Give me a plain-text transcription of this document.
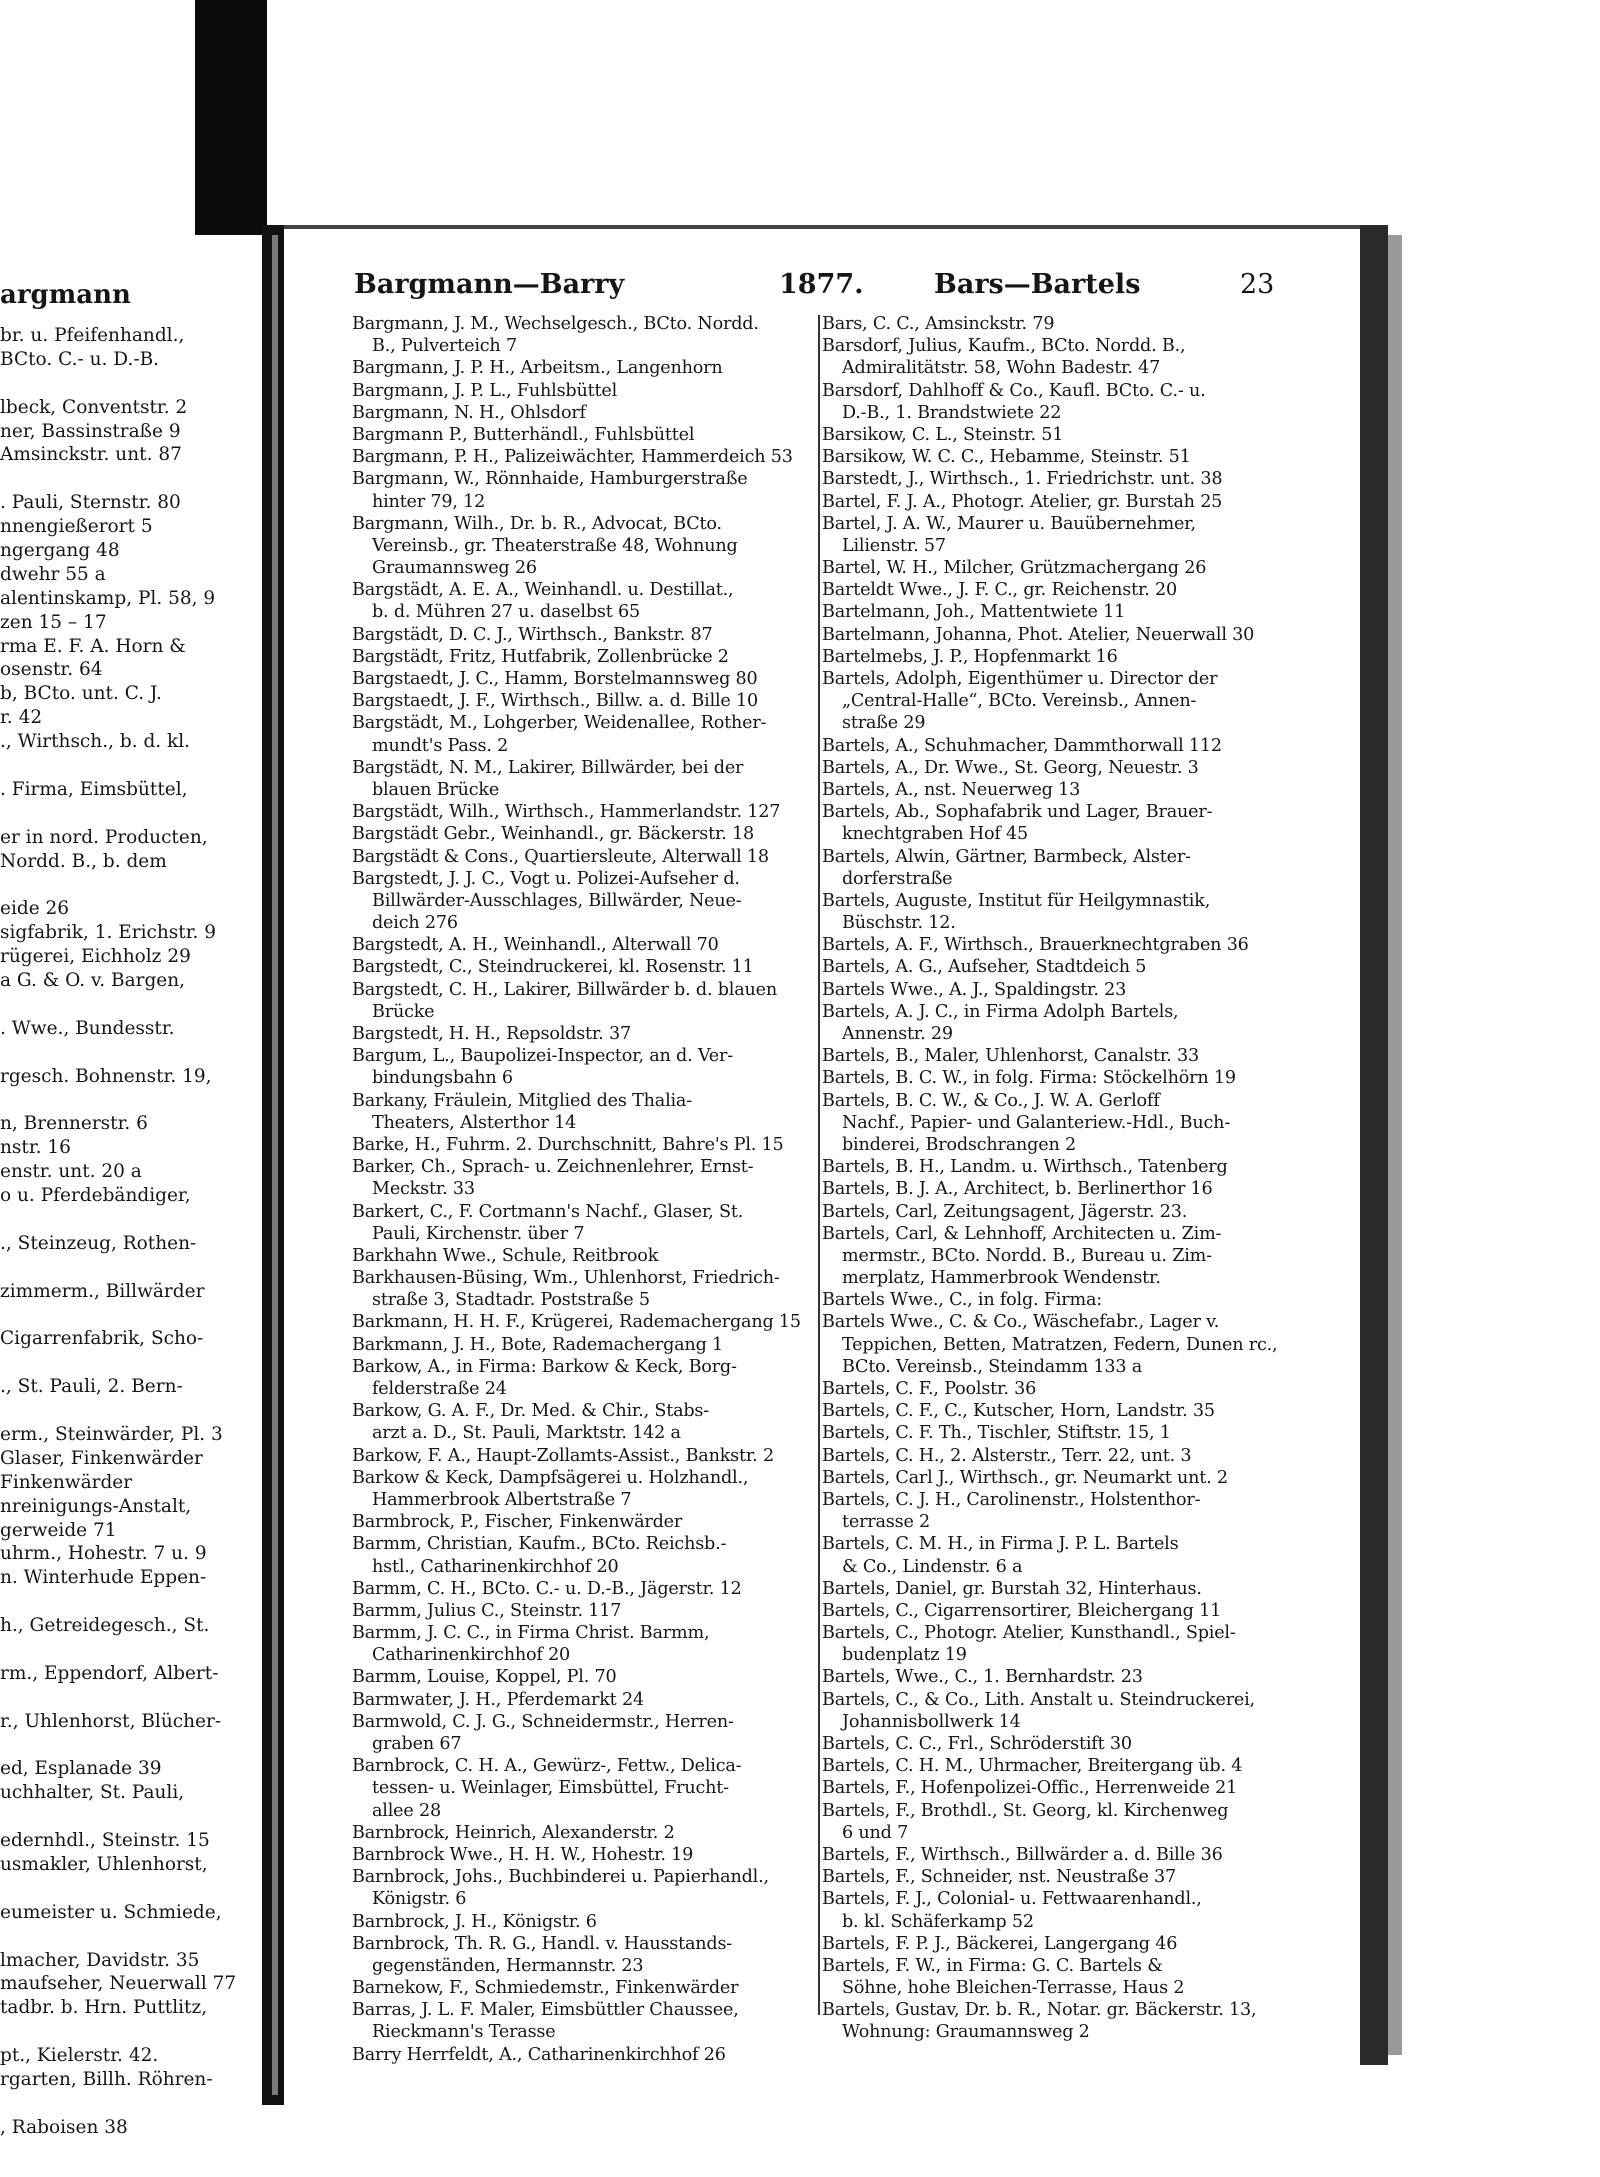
argmann
br. u. Pfeifenhandl.,
BCto. C.- u. D.-B.
lbeck, Conventstr. 2
ner, Bassinstraße 9
Amsinckstr. unt. 87
. Pauli, Sternstr. 80
nnengießerort 5
ngergang 48
dwehr 55 a
alentinskamp, Pl. 58, 9
zen 15 – 17
rma E. F. A. Horn &
osenstr. 64
b, BCto. unt. C. J.
r. 42
., Wirthsch., b. d. kl.
. Firma, Eimsbüttel,
er in nord. Producten,
Nordd. B., b. dem
eide 26
sigfabrik, 1. Erichstr. 9
rügerei, Eichholz 29
a G. & O. v. Bargen,
. Wwe., Bundesstr.
rgesch. Bohnenstr. 19,
n, Brennerstr. 6
nstr. 16
enstr. unt. 20 a
o u. Pferdebändiger,
., Steinzeug, Rothen-
zimmerm., Billwärder
Cigarrenfabrik, Scho-
., St. Pauli, 2. Bern-
erm., Steinwärder, Pl. 3
Glaser, Finkenwärder
Finkenwärder
nreinigungs-Anstalt,
gerweide 71
uhrm., Hohestr. 7 u. 9
n. Winterhude Eppen-
h., Getreidegesch., St.
rm., Eppendorf, Albert-
r., Uhlenhorst, Blücher-
ed, Esplanade 39
uchhalter, St. Pauli,
edernhdl., Steinstr. 15
usmakler, Uhlenhorst,
eumeister u. Schmiede,
lmacher, Davidstr. 35
maufseher, Neuerwall 77
tadbr. b. Hrn. Puttlitz,
pt., Kielerstr. 42.
rgarten, Billh. Röhren-
, Raboisen 38
Bargmann—Barry	1877.	Bars—Bartels	23
Bargmann, J. M., Wechselgesch., BCto. Nordd.
B., Pulverteich 7
Bargmann, J. P. H., Arbeitsm., Langenhorn
Bargmann, J. P. L., Fuhlsbüttel
Bargmann, N. H., Ohlsdorf
Bargmann P., Butterhändl., Fuhlsbüttel
Bargmann, P. H., Palizeiwächter, Hammerdeich 53
Bargmann, W., Rönnhaide, Hamburgerstraße
hinter 79, 12
Bargmann, Wilh., Dr. b. R., Advocat, BCto.
Vereinsb., gr. Theaterstraße 48, Wohnung
Graumannsweg 26
Bargstädt, A. E. A., Weinhandl. u. Destillat.,
b. d. Mühren 27 u. daselbst 65
Bargstädt, D. C. J., Wirthsch., Bankstr. 87
Bargstädt, Fritz, Hutfabrik, Zollenbrücke 2
Bargstaedt, J. C., Hamm, Borstelmannsweg 80
Bargstaedt, J. F., Wirthsch., Billw. a. d. Bille 10
Bargstädt, M., Lohgerber, Weidenallee, Rother-
mundt's Pass. 2
Bargstädt, N. M., Lakirer, Billwärder, bei der
blauen Brücke
Bargstädt, Wilh., Wirthsch., Hammerlandstr. 127
Bargstädt Gebr., Weinhandl., gr. Bäckerstr. 18
Bargstädt & Cons., Quartiersleute, Alterwall 18
Bargstedt, J. J. C., Vogt u. Polizei-Aufseher d.
Billwärder-Ausschlages, Billwärder, Neue-
deich 276
Bargstedt, A. H., Weinhandl., Alterwall 70
Bargstedt, C., Steindruckerei, kl. Rosenstr. 11
Bargstedt, C. H., Lakirer, Billwärder b. d. blauen
Brücke
Bargstedt, H. H., Repsoldstr. 37
Bargum, L., Baupolizei-Inspector, an d. Ver-
bindungsbahn 6
Barkany, Fräulein, Mitglied des Thalia-
Theaters, Alsterthor 14
Barke, H., Fuhrm. 2. Durchschnitt, Bahre's Pl. 15
Barker, Ch., Sprach- u. Zeichnenlehrer, Ernst-
Meckstr. 33
Barkert, C., F. Cortmann's Nachf., Glaser, St.
Pauli, Kirchenstr. über 7
Barkhahn Wwe., Schule, Reitbrook
Barkhausen-Büsing, Wm., Uhlenhorst, Friedrich-
straße 3, Stadtadr. Poststraße 5
Barkmann, H. H. F., Krügerei, Rademachergang 15
Barkmann, J. H., Bote, Rademachergang 1
Barkow, A., in Firma: Barkow & Keck, Borg-
felderstraße 24
Barkow, G. A. F., Dr. Med. & Chir., Stabs-
arzt a. D., St. Pauli, Marktstr. 142 a
Barkow, F. A., Haupt-Zollamts-Assist., Bankstr. 2
Barkow & Keck, Dampfsägerei u. Holzhandl.,
Hammerbrook Albertstraße 7
Barmbrock, P., Fischer, Finkenwärder
Barmm, Christian, Kaufm., BCto. Reichsb.-
hstl., Catharinenkirchhof 20
Barmm, C. H., BCto. C.- u. D.-B., Jägerstr. 12
Barmm, Julius C., Steinstr. 117
Barmm, J. C. C., in Firma Christ. Barmm,
Catharinenkirchhof 20
Barmm, Louise, Koppel, Pl. 70
Barmwater, J. H., Pferdemarkt 24
Barmwold, C. J. G., Schneidermstr., Herren-
graben 67
Barnbrock, C. H. A., Gewürz-, Fettw., Delica-
tessen- u. Weinlager, Eimsbüttel, Frucht-
allee 28
Barnbrock, Heinrich, Alexanderstr. 2
Barnbrock Wwe., H. H. W., Hohestr. 19
Barnbrock, Johs., Buchbinderei u. Papierhandl.,
Königstr. 6
Barnbrock, J. H., Königstr. 6
Barnbrock, Th. R. G., Handl. v. Hausstands-
gegenständen, Hermannstr. 23
Barnekow, F., Schmiedemstr., Finkenwärder
Barras, J. L. F. Maler, Eimsbüttler Chaussee,
Rieckmann's Terasse
Barry Herrfeldt, A., Catharinenkirchhof 26
Bars, C. C., Amsinckstr. 79
Barsdorf, Julius, Kaufm., BCto. Nordd. B.,
Admiralitätstr. 58, Wohn Badestr. 47
Barsdorf, Dahlhoff & Co., Kaufl. BCto. C.- u.
D.-B., 1. Brandstwiete 22
Barsikow, C. L., Steinstr. 51
Barsikow, W. C. C., Hebamme, Steinstr. 51
Barstedt, J., Wirthsch., 1. Friedrichstr. unt. 38
Bartel, F. J. A., Photogr. Atelier, gr. Burstah 25
Bartel, J. A. W., Maurer u. Bauübernehmer,
Lilienstr. 57
Bartel, W. H., Milcher, Grützmachergang 26
Barteldt Wwe., J. F. C., gr. Reichenstr. 20
Bartelmann, Joh., Mattentwiete 11
Bartelmann, Johanna, Phot. Atelier, Neuerwall 30
Bartelmebs, J. P., Hopfenmarkt 16
Bartels, Adolph, Eigenthümer u. Director der
„Central-Halle“, BCto. Vereinsb., Annen-
straße 29
Bartels, A., Schuhmacher, Dammthorwall 112
Bartels, A., Dr. Wwe., St. Georg, Neuestr. 3
Bartels, A., nst. Neuerweg 13
Bartels, Ab., Sophafabrik und Lager, Brauer-
knechtgraben Hof 45
Bartels, Alwin, Gärtner, Barmbeck, Alster-
dorferstraße
Bartels, Auguste, Institut für Heilgymnastik,
Büschstr. 12.
Bartels, A. F., Wirthsch., Brauerknechtgraben 36
Bartels, A. G., Aufseher, Stadtdeich 5
Bartels Wwe., A. J., Spaldingstr. 23
Bartels, A. J. C., in Firma Adolph Bartels,
Annenstr. 29
Bartels, B., Maler, Uhlenhorst, Canalstr. 33
Bartels, B. C. W., in folg. Firma: Stöckelhörn 19
Bartels, B. C. W., & Co., J. W. A. Gerloff
Nachf., Papier- und Galanteriew.-Hdl., Buch-
binderei, Brodschrangen 2
Bartels, B. H., Landm. u. Wirthsch., Tatenberg
Bartels, B. J. A., Architect, b. Berlinerthor 16
Bartels, Carl, Zeitungsagent, Jägerstr. 23.
Bartels, Carl, & Lehnhoff, Architecten u. Zim-
mermstr., BCto. Nordd. B., Bureau u. Zim-
merplatz, Hammerbrook Wendenstr.
Bartels Wwe., C., in folg. Firma:
Bartels Wwe., C. & Co., Wäschefabr., Lager v.
Teppichen, Betten, Matratzen, Federn, Dunen rc.,
BCto. Vereinsb., Steindamm 133 a
Bartels, C. F., Poolstr. 36
Bartels, C. F., C., Kutscher, Horn, Landstr. 35
Bartels, C. F. Th., Tischler, Stiftstr. 15, 1
Bartels, C. H., 2. Alsterstr., Terr. 22, unt. 3
Bartels, Carl J., Wirthsch., gr. Neumarkt unt. 2
Bartels, C. J. H., Carolinenstr., Holstenthor-
terrasse 2
Bartels, C. M. H., in Firma J. P. L. Bartels
& Co., Lindenstr. 6 a
Bartels, Daniel, gr. Burstah 32, Hinterhaus.
Bartels, C., Cigarrensortirer, Bleichergang 11
Bartels, C., Photogr. Atelier, Kunsthandl., Spiel-
budenplatz 19
Bartels, Wwe., C., 1. Bernhardstr. 23
Bartels, C., & Co., Lith. Anstalt u. Steindruckerei,
Johannisbollwerk 14
Bartels, C. C., Frl., Schröderstift 30
Bartels, C. H. M., Uhrmacher, Breitergang üb. 4
Bartels, F., Hofenpolizei-Offic., Herrenweide 21
Bartels, F., Brothdl., St. Georg, kl. Kirchenweg
6 und 7
Bartels, F., Wirthsch., Billwärder a. d. Bille 36
Bartels, F., Schneider, nst. Neustraße 37
Bartels, F. J., Colonial- u. Fettwaarenhandl.,
b. kl. Schäferkamp 52
Bartels, F. P. J., Bäckerei, Langergang 46
Bartels, F. W., in Firma: G. C. Bartels &
Söhne, hohe Bleichen-Terrasse, Haus 2
Bartels, Gustav, Dr. b. R., Notar. gr. Bäckerstr. 13,
Wohnung: Graumannsweg 2
